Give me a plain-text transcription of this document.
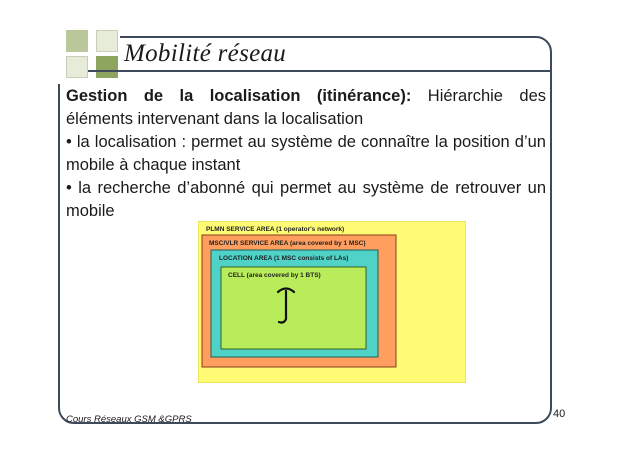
Mobilité réseau

Gestion de la localisation (itinérance): Hiérarchie des éléments intervenant dans la localisation

• la localisation : permet au système de connaître la position d’un mobile à chaque instant

• la recherche d’abonné qui permet au système de retrouver un mobile

PLMN SERVICE AREA (1 operator's network)
MSC/VLR SERVICE AREA (area covered by 1 MSC)
LOCATION AREA (1 MSC consists of LAs)
CELL (area covered by 1 BTS)
Cours Réseaux GSM &GPRS	40
